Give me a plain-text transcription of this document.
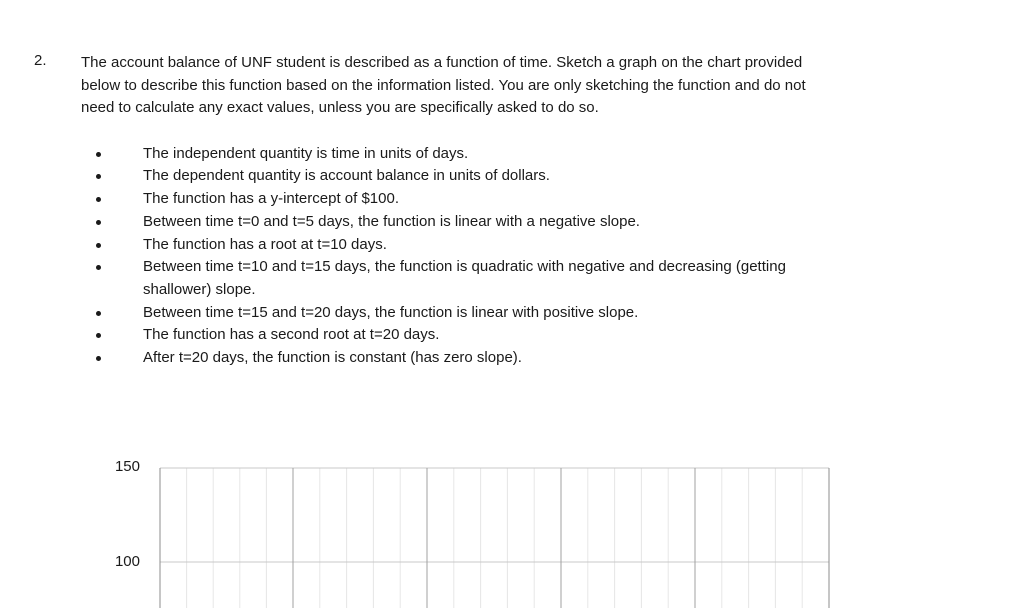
2. The account balance of UNF student is described as a function of time. Sketch a graph on the chart provided

below to describe this function based on the information listed. You are only sketching the function and do not

need to calculate any exact values, unless you are specifically asked to do so.

The independent quantity is time in units of days.
The dependent quantity is account balance in units of dollars.
The function has a y-intercept of $100.
Between time t=0 and t=5 days, the function is linear with a negative slope.
The function has a root at t=10 days.
Between time t=10 and t=15 days, the function is quadratic with negative and decreasing (getting
shallower) slope.
Between time t=15 and t=20 days, the function is linear with positive slope.
The function has a second root at t=20 days.
After t=20 days, the function is constant (has zero slope).
150
100
